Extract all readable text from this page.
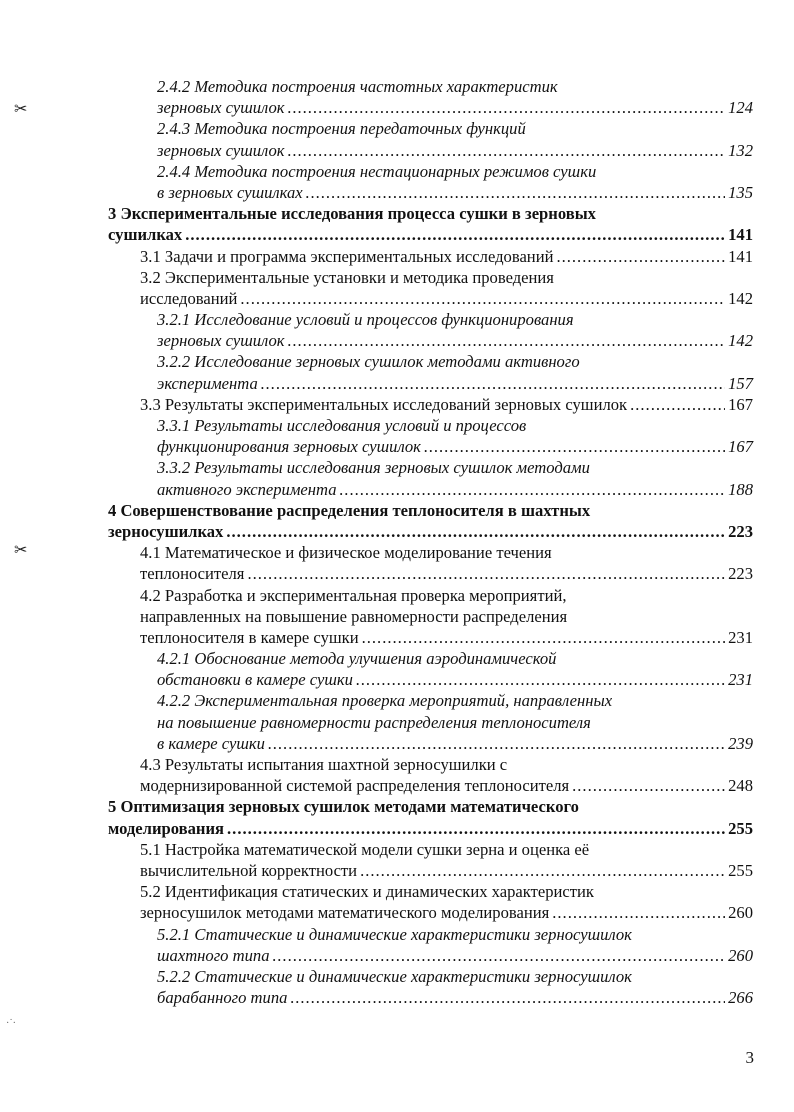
2.4.2 Методика построения частотных характеристик
зерновых сушилок .....	124
2.4.3 Методика построения передаточных функций
зерновых сушилок .....	132
2.4.4 Методика построения нестационарных режимов сушки
в зерновых сушилках .....	135
3 Экспериментальные исследования процесса сушки в зерновых
сушилках .....	141
3.1 Задачи и программа экспериментальных исследований .....	141
3.2 Экспериментальные установки и методика проведения
исследований .....	142
3.2.1 Исследование условий и процессов функционирования
зерновых сушилок .....	142
3.2.2 Исследование зерновых сушилок методами активного
эксперимента .....	157
3.3 Результаты экспериментальных исследований зерновых сушилок .....	167
3.3.1 Результаты исследования условий и процессов
функционирования зерновых сушилок .....	167
3.3.2 Результаты исследования зерновых сушилок методами
активного эксперимента .....	188
4 Совершенствование распределения теплоносителя в шахтных
зерносушилках .....	223
4.1 Математическое и физическое моделирование течения
теплоносителя .....	223
4.2 Разработка и экспериментальная проверка мероприятий,
направленных на повышение равномерности распределения
теплоносителя в камере сушки .....	231
4.2.1 Обоснование метода улучшения аэродинамической
обстановки в камере сушки .....	231
4.2.2 Экспериментальная проверка мероприятий, направленных
на повышение равномерности распределения теплоносителя
в камере сушки .....	239
4.3 Результаты испытания шахтной зерносушилки с
модернизированной системой распределения теплоносителя .....	248
5 Оптимизация зерновых сушилок методами математического
моделирования .....	255
5.1 Настройка математической модели сушки зерна и оценка её
вычислительной корректности .....	255
5.2 Идентификация статических и динамических характеристик
зерносушилок методами математического моделирования .....	260
5.2.1 Статические и динамические характеристики зерносушилок
шахтного типа .....	260
5.2.2 Статические и динамические характеристики зерносушилок
барабанного типа .....	266
3
✂
✂
·˙·
